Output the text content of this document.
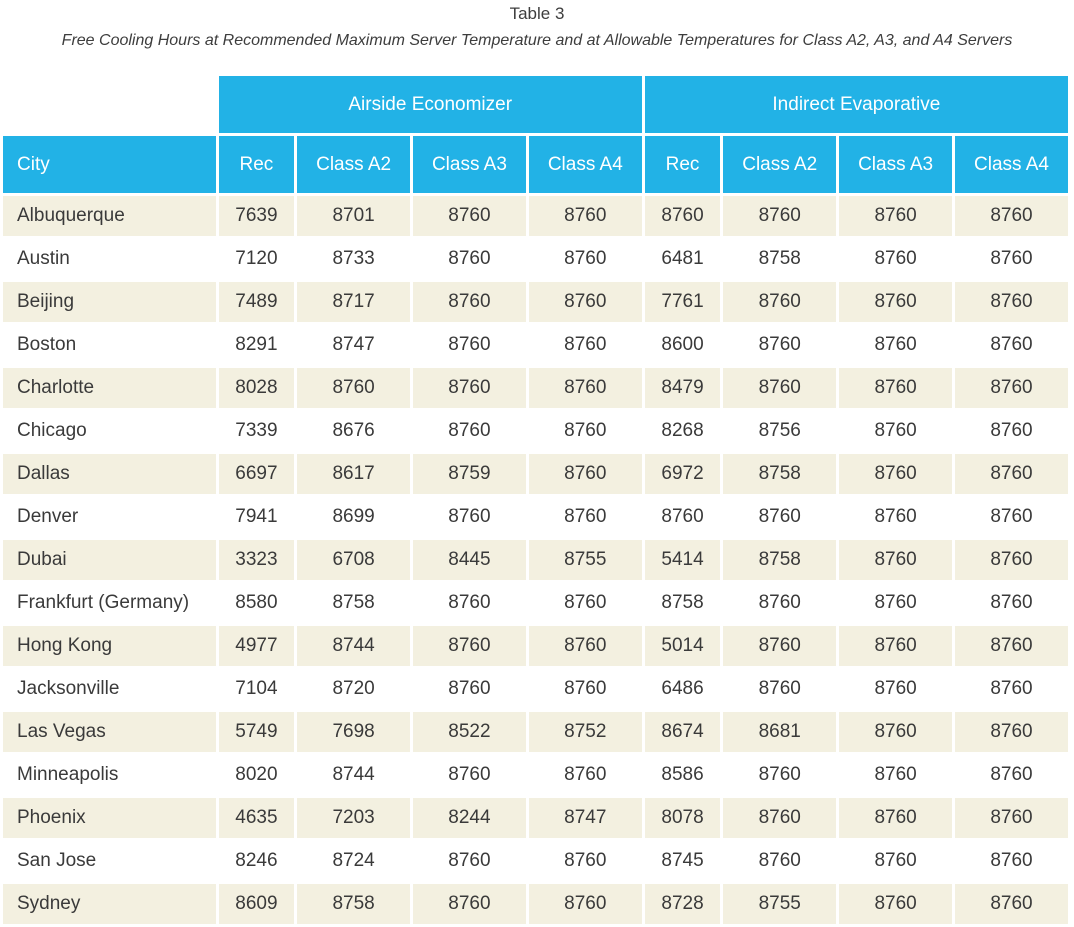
Table 3
Free Cooling Hours at Recommended Maximum Server Temperature and at Allowable Temperatures for Class A2, A3, and A4 Servers
	Airside Economizer				Indirect Evaporative			
City	Rec	Class A2	Class A3	Class A4	Rec	Class A2	Class A3	Class A4
Albuquerque	7639	8701	8760	8760	8760	8760	8760	8760
Austin	7120	8733	8760	8760	6481	8758	8760	8760
Beijing	7489	8717	8760	8760	7761	8760	8760	8760
Boston	8291	8747	8760	8760	8600	8760	8760	8760
Charlotte	8028	8760	8760	8760	8479	8760	8760	8760
Chicago	7339	8676	8760	8760	8268	8756	8760	8760
Dallas	6697	8617	8759	8760	6972	8758	8760	8760
Denver	7941	8699	8760	8760	8760	8760	8760	8760
Dubai	3323	6708	8445	8755	5414	8758	8760	8760
Frankfurt (Germany)	8580	8758	8760	8760	8758	8760	8760	8760
Hong Kong	4977	8744	8760	8760	5014	8760	8760	8760
Jacksonville	7104	8720	8760	8760	6486	8760	8760	8760
Las Vegas	5749	7698	8522	8752	8674	8681	8760	8760
Minneapolis	8020	8744	8760	8760	8586	8760	8760	8760
Phoenix	4635	7203	8244	8747	8078	8760	8760	8760
San Jose	8246	8724	8760	8760	8745	8760	8760	8760
Sydney	8609	8758	8760	8760	8728	8755	8760	8760
